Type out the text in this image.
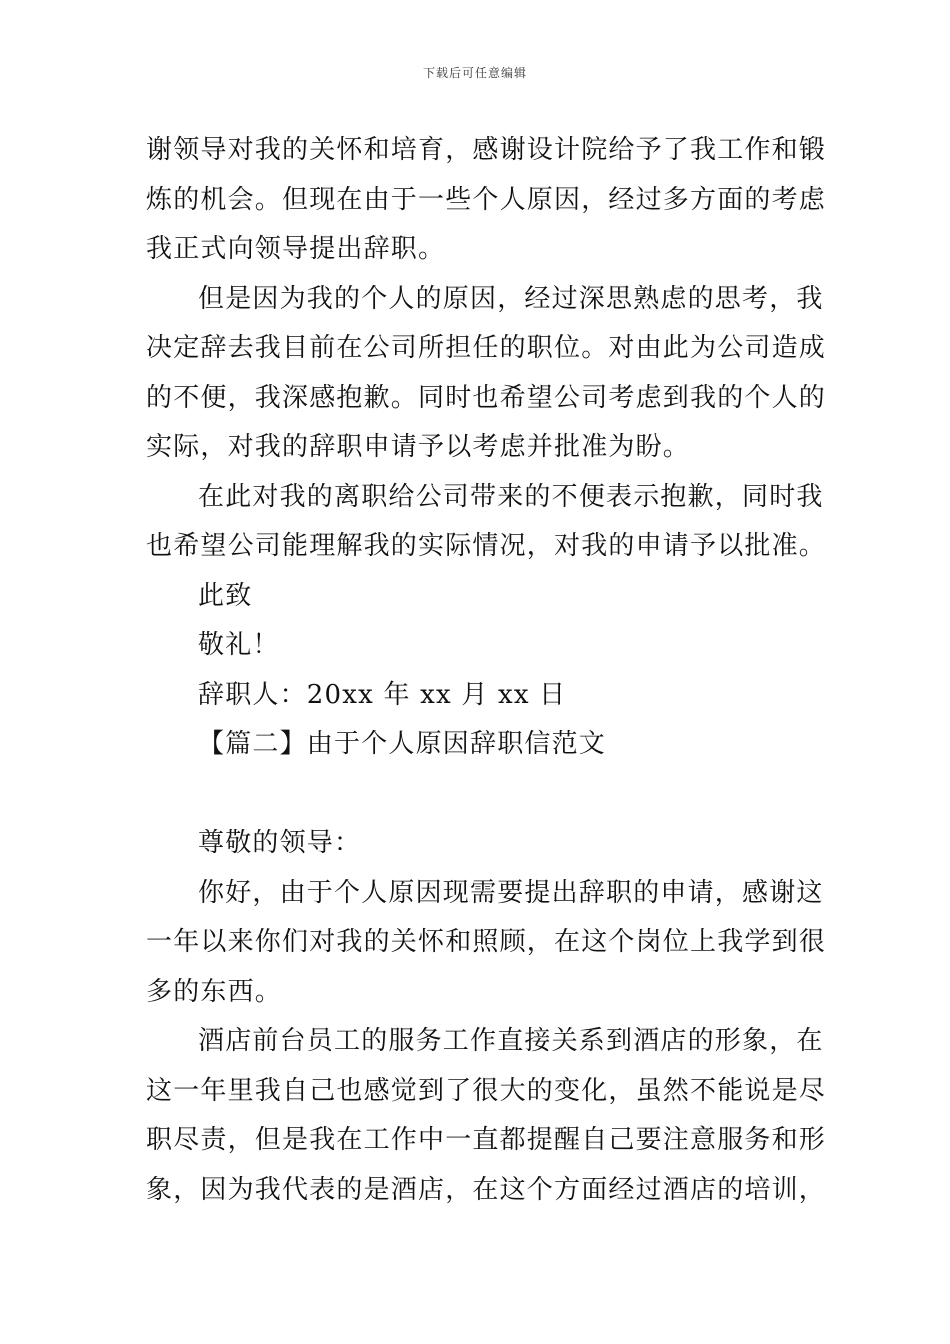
下载后可任意编辑
谢领导对我的关怀和培育，感谢设计院给予了我工作和锻
炼的机会。但现在由于一些个人原因，经过多方面的考虑
我正式向领导提出辞职。
但是因为我的个人的原因，经过深思熟虑的思考，我
决定辞去我目前在公司所担任的职位。对由此为公司造成
的不便，我深感抱歉。同时也希望公司考虑到我的个人的
实际，对我的辞职申请予以考虑并批准为盼。
在此对我的离职给公司带来的不便表示抱歉，同时我
也希望公司能理解我的实际情况，对我的申请予以批准。
此致
敬礼！
辞职人：20xx 年 xx 月 xx 日
【篇二】由于个人原因辞职信范文
尊敬的领导：
你好，由于个人原因现需要提出辞职的申请，感谢这
一年以来你们对我的关怀和照顾，在这个岗位上我学到很
多的东西。
酒店前台员工的服务工作直接关系到酒店的形象，在
这一年里我自己也感觉到了很大的变化，虽然不能说是尽
职尽责，但是我在工作中一直都提醒自己要注意服务和形
象，因为我代表的是酒店，在这个方面经过酒店的培训，
